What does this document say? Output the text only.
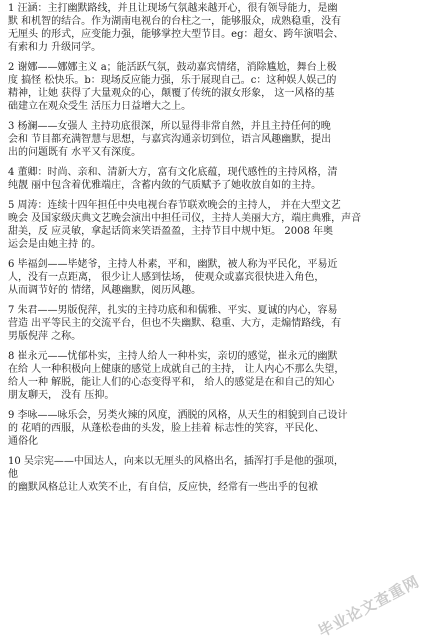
1 汪涵：主打幽默路线，并且让现场气氛越来越开心，很有领导能力，是幽
默 和机智的结合。作为湖南电视台的台柱之一，能够服众，成熟稳重，没有
无厘头 的形式，应变能力强，能够掌控大型节目。eg：超女、跨年演唱会、
有索和力 升级同学。
2 谢娜——娜娜主义 a；能活跃气氛，鼓动嘉宾情绪，消除尴尬，舞台上极
度 搞怪 松快乐。b：现场反应能力强，乐于展现自己。c：这种娱人娱己的
精神，让她 获得了大量观众的心，颠覆了传统的淑女形象， 这一风格的基
础建立在观众受生 活压力日益增大之上。
3 杨澜——女强人 主持功底很深，所以显得非常自然，并且主持任何的晚
会和 节目都充满智慧与思想，与嘉宾沟通亲切到位，语言风趣幽默，提出
出的问题既有 水平又有深度。
4 董卿：时尚、亲和、清新大方，富有文化底蕴，现代感性的主持风格，清
纯靓 丽中包含着优雅端庄，含蓄内敛的气质赋予了她收放自如的主持。
5 周涛：连续十四年担任中央电视台春节联欢晚会的主持人， 并在大型文艺
晚会 及国家级庆典文艺晚会演出中担任司仪，主持人美丽大方，端庄典雅，声音
甜美，反 应灵敏，拿起话筒来笑语盈盈，主持节目中规中矩。 2008 年奥
运会是由她主持 的。
6 毕福剑——毕姥爷，主持人朴素，平和，幽默，被人称为平民化，平易近
人，没有一点距离， 很少让人感到怯场， 使观众或嘉宾很快进入角色，
从而调节好的 情绪，风趣幽默，阅历风趣。
7 朱君——男版倪萍，扎实的主持功底和和儒雅、平实、夏诚的内心，容易
营造 出平等民主的交流平台，但也不失幽默、稳重、大方，走煽情路线，有
男版倪萍 之称。
8 崔永元——忧郁朴实，主持人给人一种朴实，亲切的感觉，崔永元的幽默
在给 人一种积极向上健康的感觉上成就自己的主持， 让人内心不那么失望，
给人一种 解脱，能让人们的心态变得平和， 给人的感觉是在和自己的知心
朋友聊天， 没有 压抑。
9 李咏——咏乐会，另类火辣的风度，洒脱的风格，从天生的相貌到自己设计
的 花哨的西服，从蓬松卷曲的头发，脸上挂着 标志性的笑容，平民化、
通俗化
10 吴宗宪——中国达人，向来以无厘头的风格出名，插浑打手是他的强项，
他
的幽默风格总让人欢笑不止，有自信，反应快，经常有一些出乎的包袱
毕业论文查重网
